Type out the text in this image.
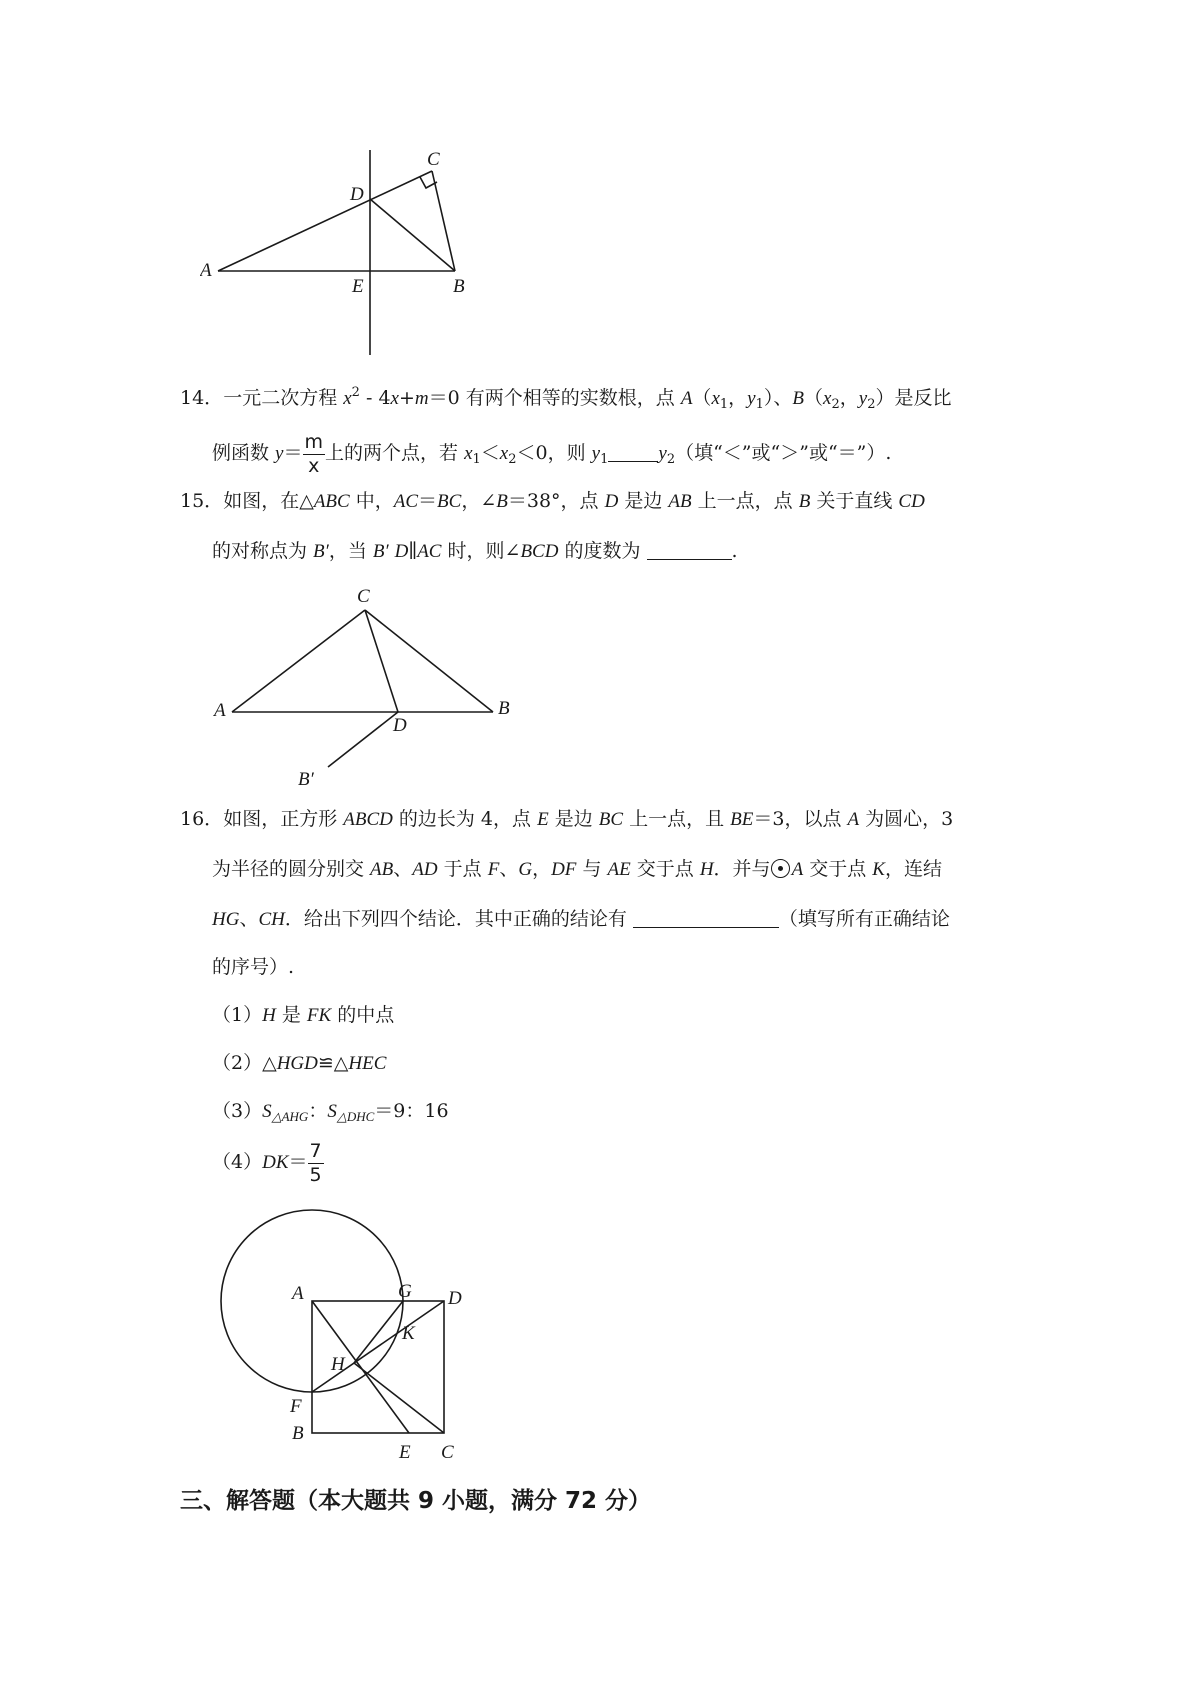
A
B
C
D
E
14．一元二次方程 $x^2 - 4x+m=0$ 有两个相等的实数根，点 $A(x_1$，$y_1$）、$B(x_2$，$y_2$）是反比
例函数 $y= \frac{m}{x}$ 上的两个点，若 $x_1<x_2<0$，则 $y_1$	$y_2$（填“＜”或“＞”或“＝”）.
15．如图，在△ABC 中，AC＝BC，∠B＝38°，点 D 是边 AB 上一点，点 B 关于直线 CD
的对称点为 B′，当 B′ D∥AC 时，则∠BCD 的度数为	.
A	B
C
D
B′
16．如图，正方形 ABCD 的边长为 4，点 E 是边 BC 上一点，且 BE＝3，以点 A 为圆心，3
为半径的圆分别交 AB、AD 于点 F、G，DF 与 AE 交于点 H．并与 A 交于点 K，连结
HG、CH．给出下列四个结论．其中正确的结论有	（填写所有正确结论
的序号）.
（1）H 是 FK 的中点
（2）△HGD≌△HEC
$(3)S_{\triangle AHG}$：$S_{\triangle DHC}=9$：16
$(4)DK= \frac{7}{5}$
A	G D
K
H
F
B
E C
三、解答题（本大题共 9 小题，满分 72 分）
